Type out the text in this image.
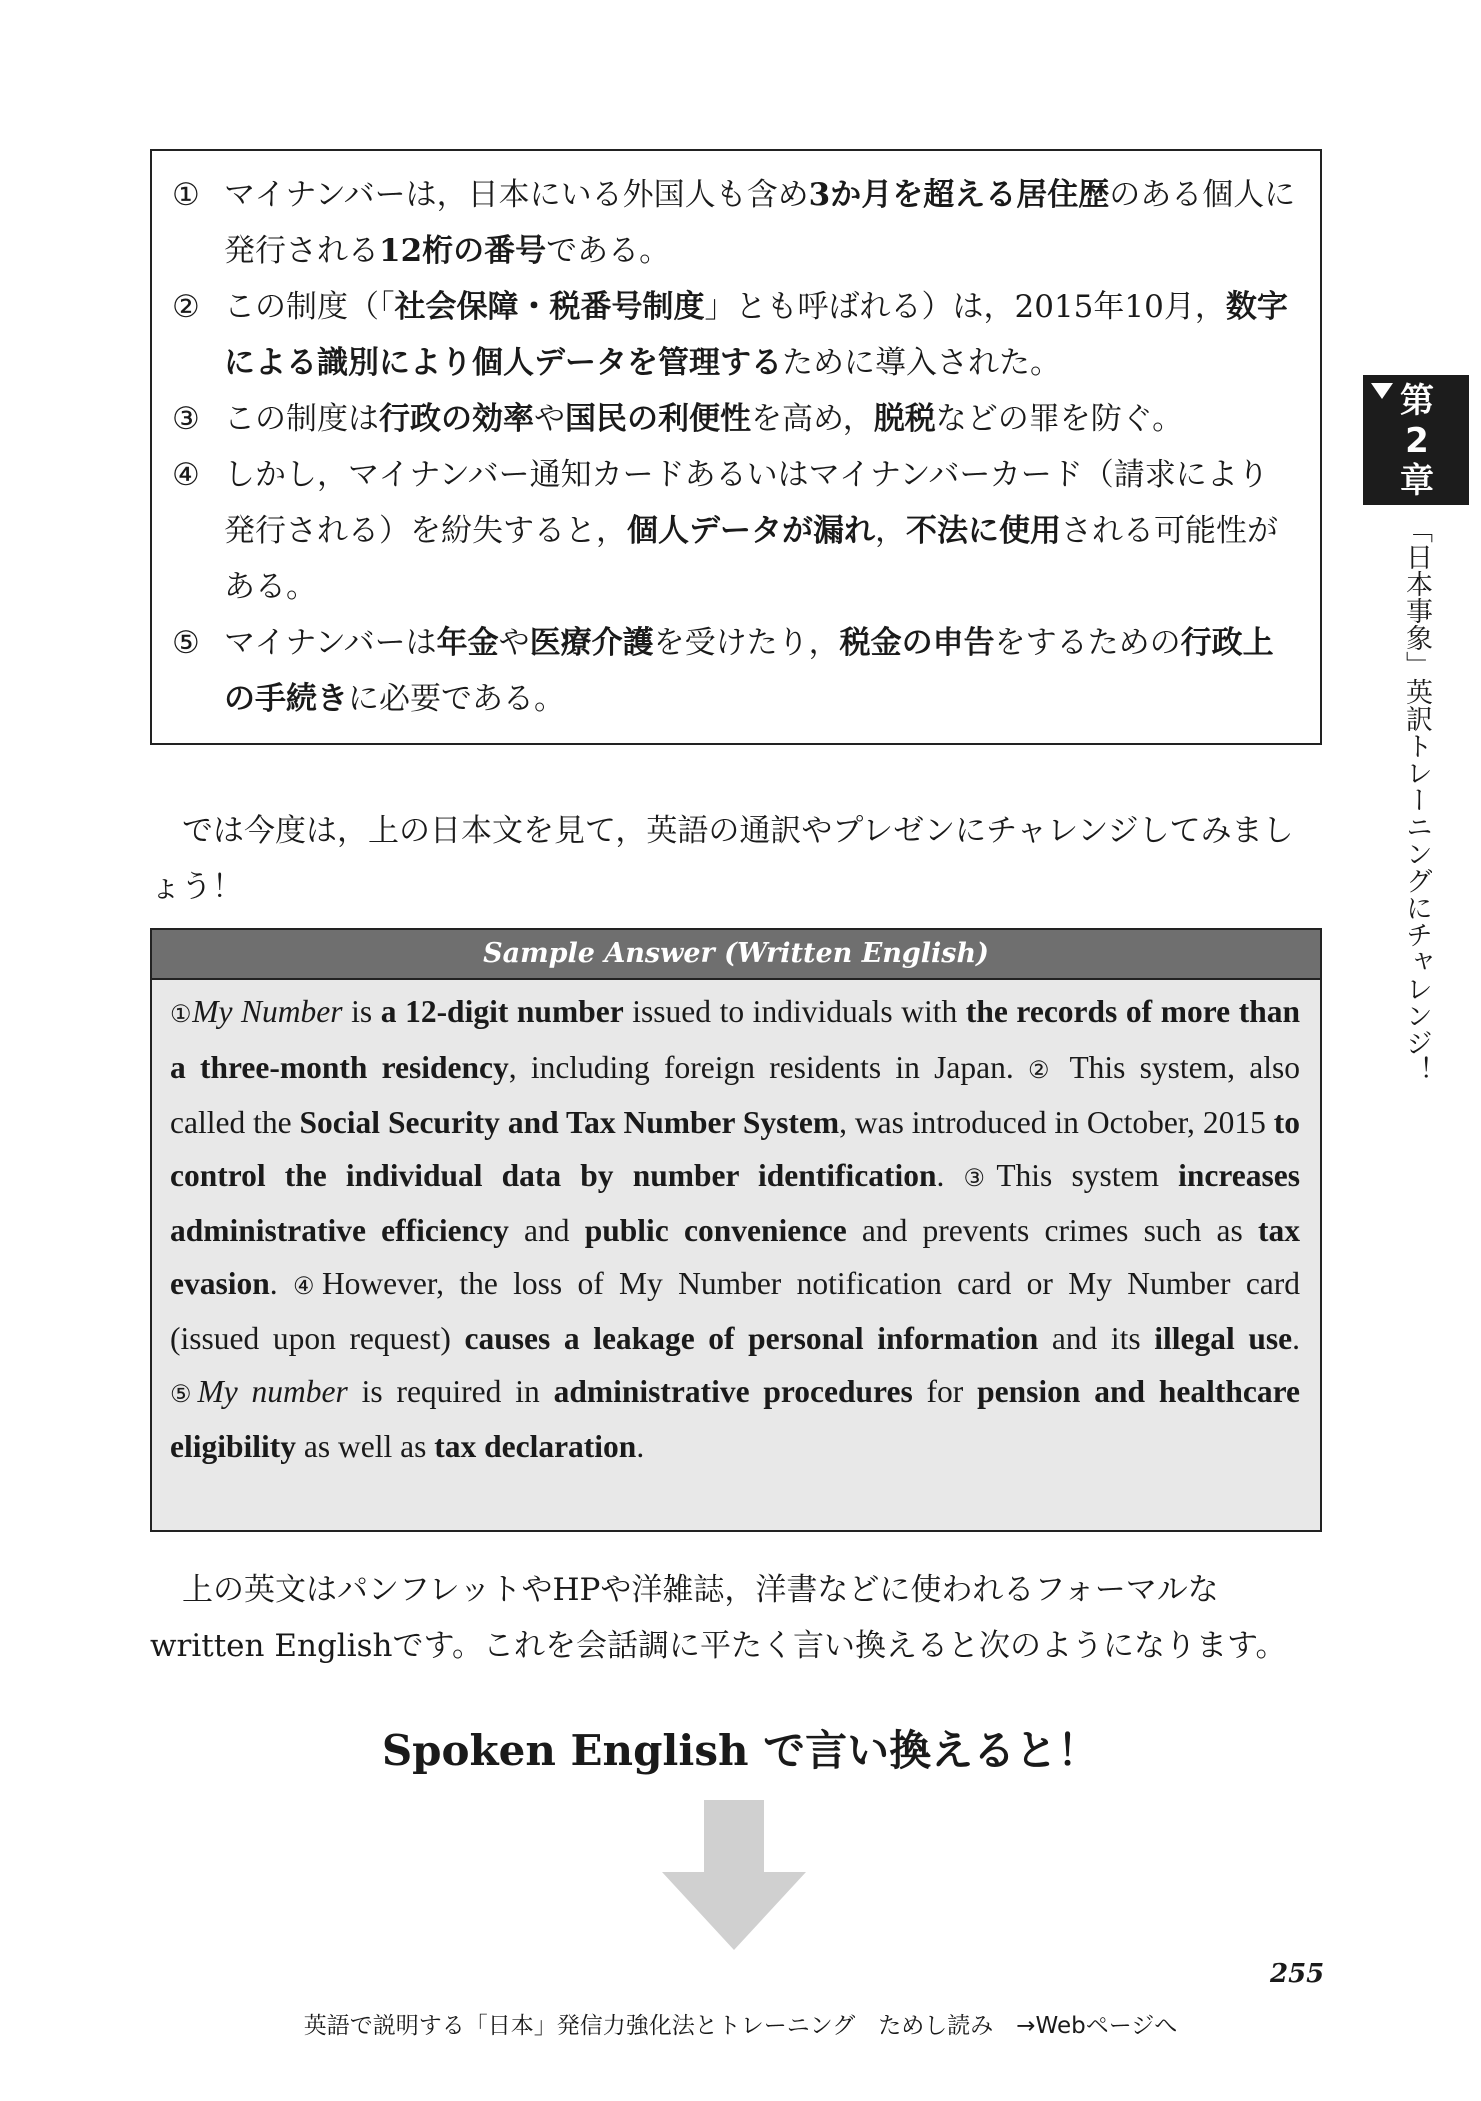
① マイナンバーは，日本にいる外国人も含め3か月を超える居住歴のある個人に発行される12桁の番号である。
② この制度（「社会保障・税番号制度」とも呼ばれる）は，2015年10月，数字による識別により個人データを管理するために導入された。
③ この制度は行政の効率や国民の利便性を高め，脱税などの罪を防ぐ。
④ しかし，マイナンバー通知カードあるいはマイナンバーカード（請求により発行される）を紛失すると，個人データが漏れ，不法に使用される可能性がある。
⑤ マイナンバーは年金や医療介護を受けたり，税金の申告をするための行政上の手続きに必要である。
では今度は，上の日本文を見て，英語の通訳やプレゼンにチャレンジしてみましょう！
Sample Answer (Written English)
①My Number is a 12-digit number issued to individuals with the records of more than a three-month residency, including foreign residents in Japan. ② This system, also called the Social Security and Tax Number System, was introduced in October, 2015 to control the individual data by number identification. ③This system increases administrative efficiency and public convenience and prevents crimes such as tax evasion. ④However, the loss of My Number notification card or My Number card (issued upon request) causes a leakage of personal information and its illegal use. ⑤My number is required in administrative procedures for pension and healthcare eligibility as well as tax declaration.
上の英文はパンフレットやHPや洋雑誌，洋書などに使われるフォーマルなwritten Englishです。これを会話調に平たく言い換えると次のようになります。
Spoken English で言い換えると！
255
英語で説明する「日本」発信力強化法とトレーニング　ためし読み　→Webページへ
第2章
「日本事象」英訳トレーニングにチャレンジ！
